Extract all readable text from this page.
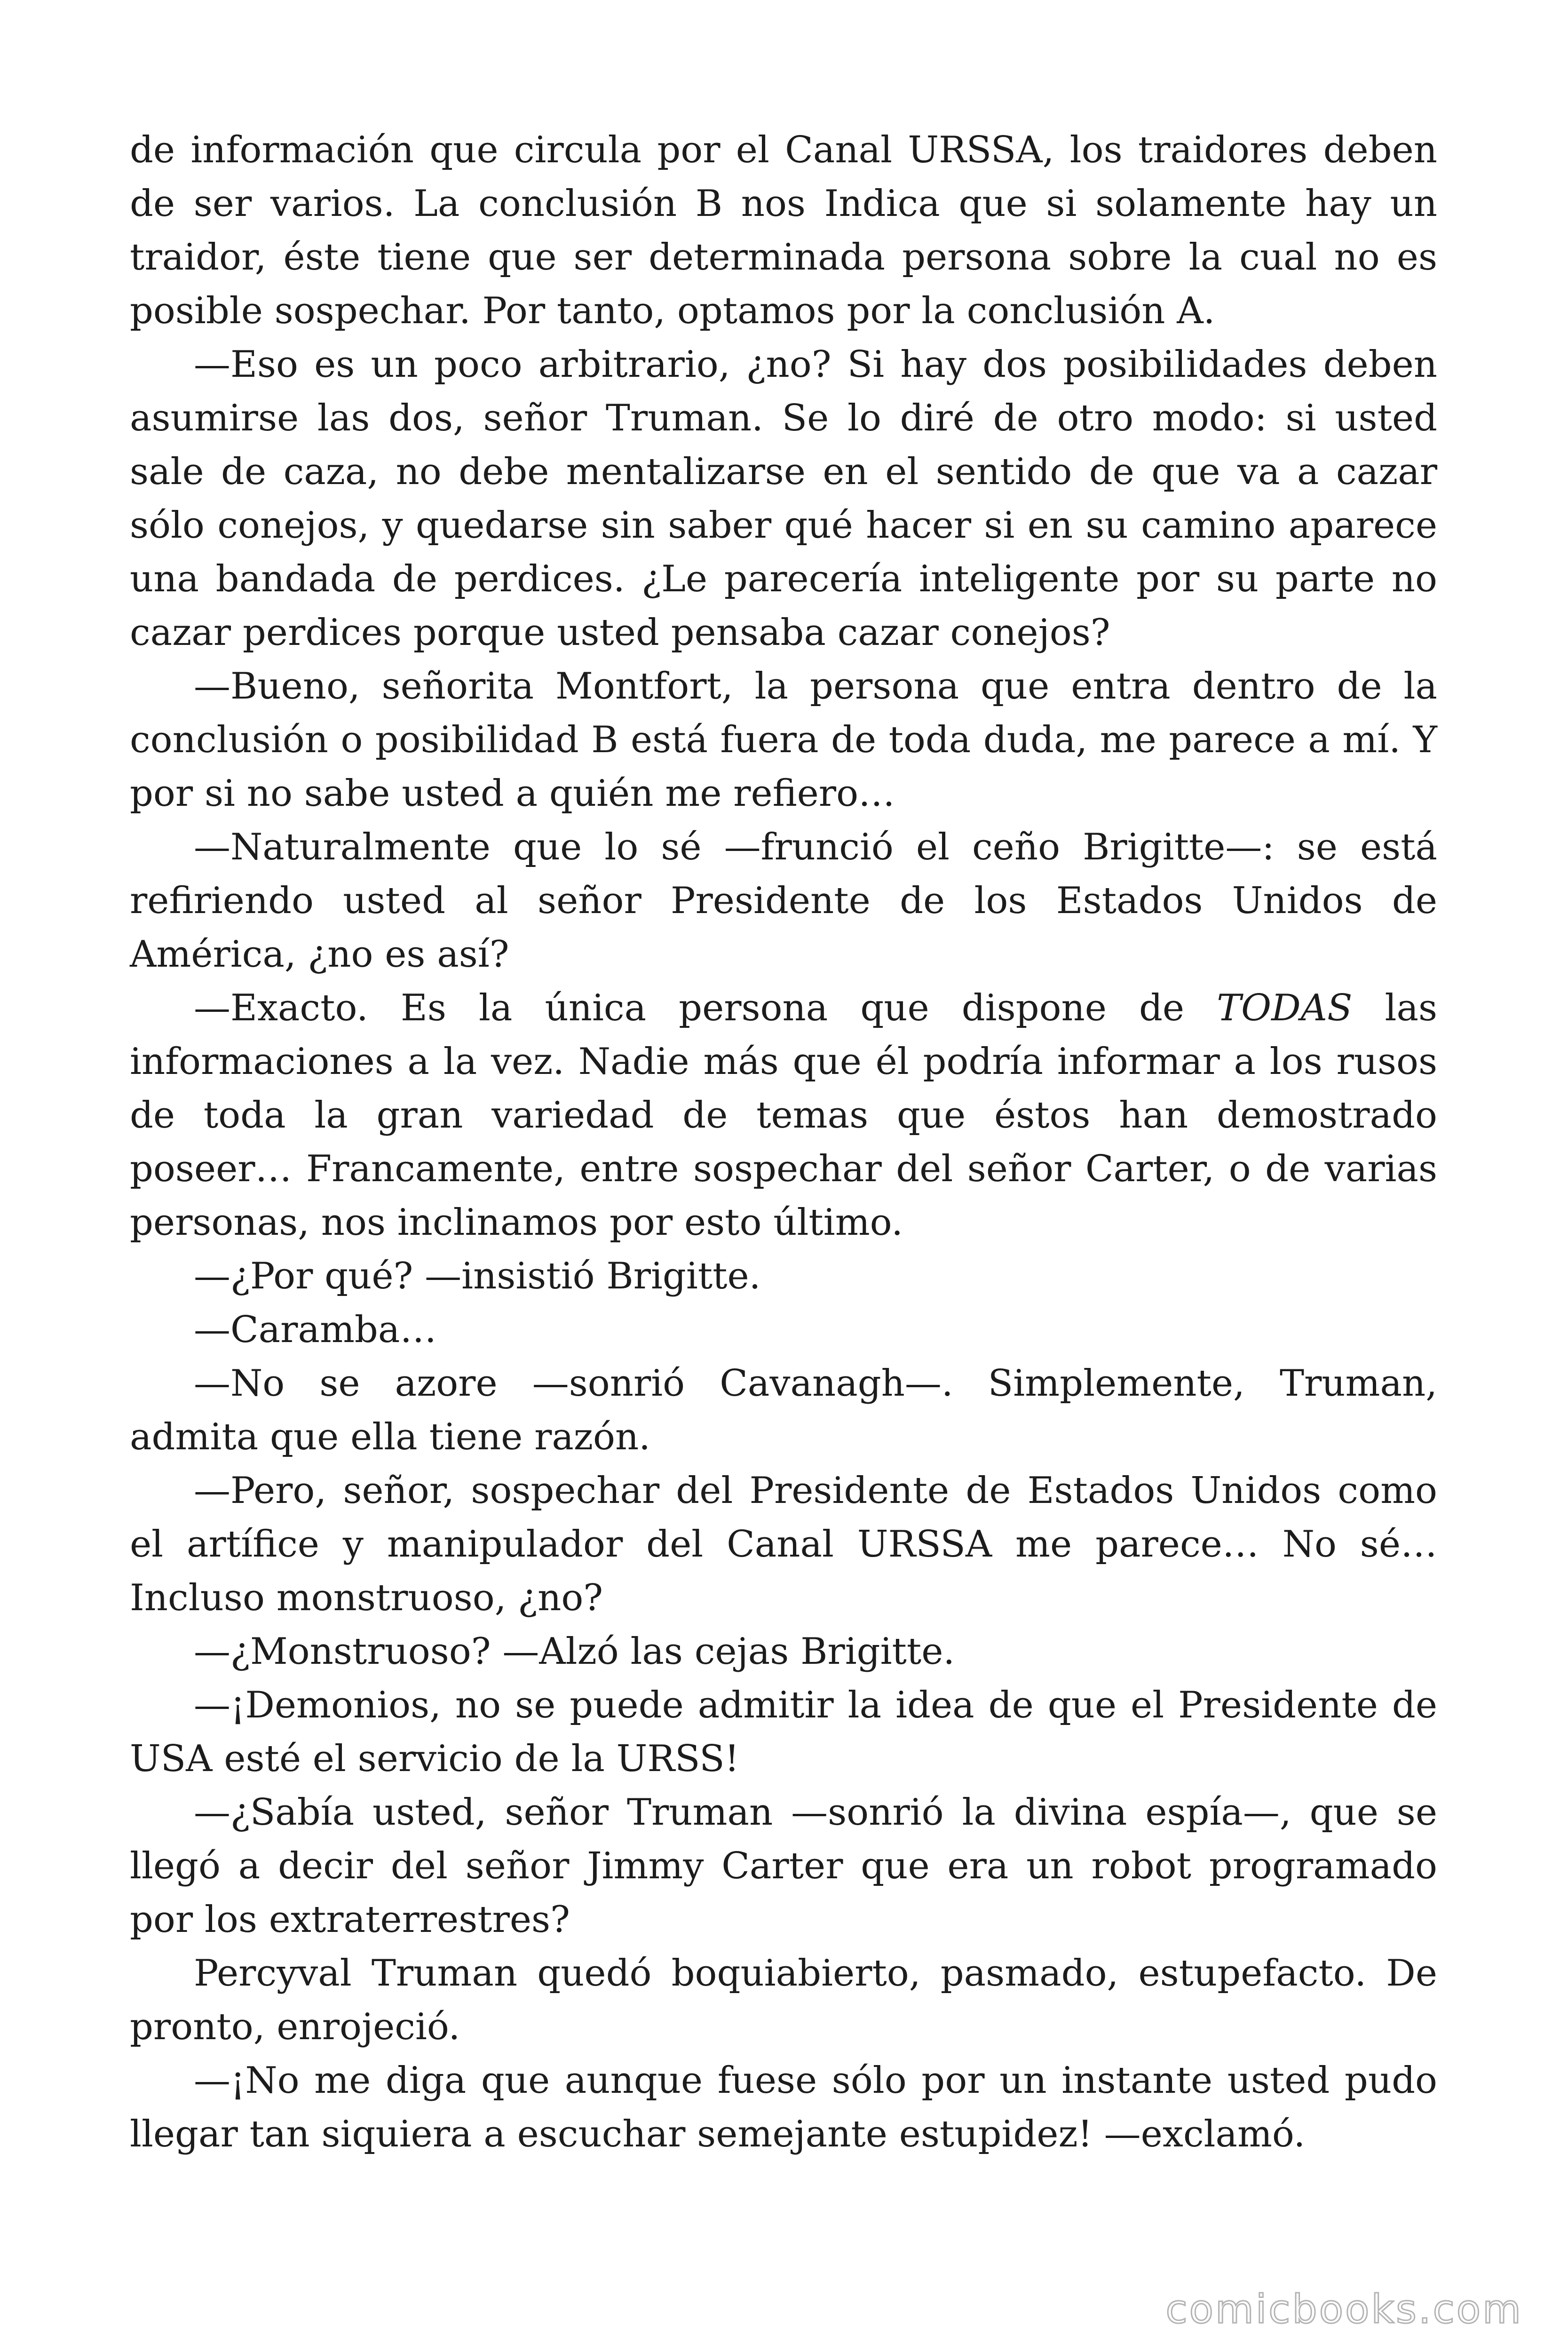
de información que circula por el Canal URSSA, los traidores deben de ser varios. La conclusión B nos Indica que si solamente hay un traidor, éste tiene que ser determinada persona sobre la cual no es posible sospechar. Por tanto, optamos por la conclusión A.

—Eso es un poco arbitrario, ¿no? Si hay dos posibilidades deben asumirse las dos, señor Truman. Se lo diré de otro modo: si usted sale de caza, no debe mentalizarse en el sentido de que va a cazar sólo conejos, y quedarse sin saber qué hacer si en su camino aparece una bandada de perdices. ¿Le parecería inteligente por su parte no cazar perdices porque usted pensaba cazar conejos?

—Bueno, señorita Montfort, la persona que entra dentro de la conclusión o posibilidad B está fuera de toda duda, me parece a mí. Y por si no sabe usted a quién me refiero…

—Naturalmente que lo sé —frunció el ceño Brigitte—: se está refiriendo usted al señor Presidente de los Estados Unidos de América, ¿no es así?

—Exacto. Es la única persona que dispone de TODAS las informaciones a la vez. Nadie más que él podría informar a los rusos de toda la gran variedad de temas que éstos han demostrado poseer… Francamente, entre sospechar del señor Carter, o de varias personas, nos inclinamos por esto último.

—¿Por qué? —insistió Brigitte.

—Caramba…

—No se azore —sonrió Cavanagh—. Simplemente, Truman, admita que ella tiene razón.

—Pero, señor, sospechar del Presidente de Estados Unidos como el artífice y manipulador del Canal URSSA me parece… No sé… Incluso monstruoso, ¿no?

—¿Monstruoso? —Alzó las cejas Brigitte.

—¡Demonios, no se puede admitir la idea de que el Presidente de USA esté el servicio de la URSS!

—¿Sabía usted, señor Truman —sonrió la divina espía—, que se llegó a decir del señor Jimmy Carter que era un robot programado por los extraterrestres?

Percyval Truman quedó boquiabierto, pasmado, estupefacto. De pronto, enrojeció.

—¡No me diga que aunque fuese sólo por un instante usted pudo llegar tan siquiera a escuchar semejante estupidez! —exclamó.

comicbooks.com
